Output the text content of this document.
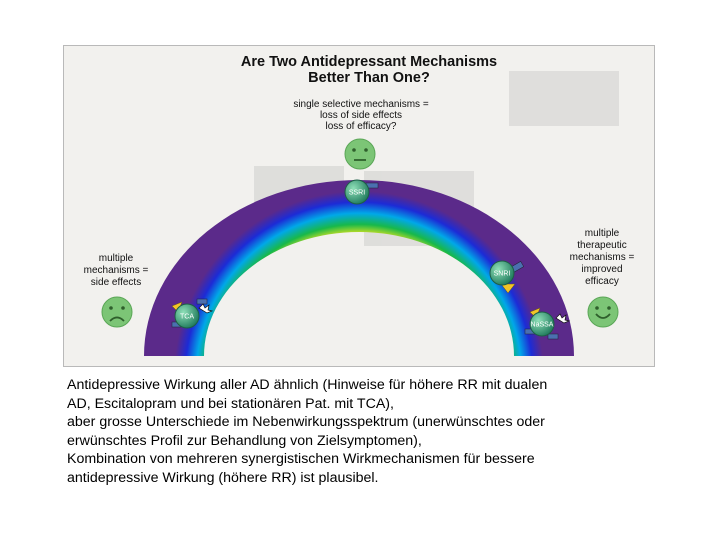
Are Two Antidepressant Mechanisms
Better Than One?
single selective mechanisms =
loss of side effects
loss of efficacy?
multiple
mechanisms =
side effects
multiple
therapeutic
mechanisms =
improved
efficacy
SSRI
SNRI
TCA
NaSSA
Antidepressive Wirkung aller AD ähnlich (Hinweise für höhere RR mit dualen
AD, Escitalopram und bei stationären Pat. mit TCA),
aber grosse Unterschiede im Nebenwirkungsspektrum (unerwünschtes oder
erwünschtes Profil zur Behandlung von Zielsymptomen),
Kombination von mehreren synergistischen Wirkmechanismen für bessere
antidepressive Wirkung (höhere RR) ist plausibel.
